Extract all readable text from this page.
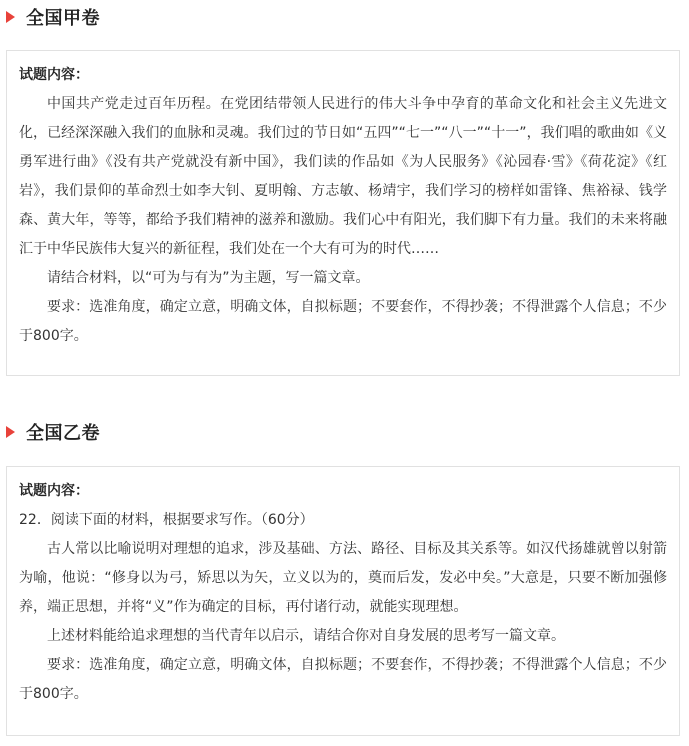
全国甲卷
试题内容：

中国共产党走过百年历程。在党团结带领人民进行的伟大斗争中孕育的革命文化和社会主义先进文化，已经深深融入我们的血脉和灵魂。我们过的节日如“五四”“七一”“八一”“十一”，我们唱的歌曲如《义勇军进行曲》《没有共产党就没有新中国》，我们读的作品如《为人民服务》《沁园春·雪》《荷花淀》《红岩》，我们景仰的革命烈士如李大钊、夏明翰、方志敏、杨靖宇，我们学习的榜样如雷锋、焦裕禄、钱学森、黄大年，等等，都给予我们精神的滋养和激励。我们心中有阳光，我们脚下有力量。我们的未来将融汇于中华民族伟大复兴的新征程，我们处在一个大有可为的时代……

请结合材料，以“可为与有为”为主题，写一篇文章。

要求：选准角度，确定立意，明确文体，自拟标题；不要套作，不得抄袭；不得泄露个人信息；不少于800字。

全国乙卷
试题内容：

22．阅读下面的材料，根据要求写作。（60分）

古人常以比喻说明对理想的追求，涉及基础、方法、路径、目标及其关系等。如汉代扬雄就曾以射箭为喻，他说：“修身以为弓，矫思以为矢，立义以为的，奠而后发，发必中矣。”大意是，只要不断加强修养，端正思想，并将“义”作为确定的目标，再付诸行动，就能实现理想。

上述材料能给追求理想的当代青年以启示，请结合你对自身发展的思考写一篇文章。

要求：选准角度，确定立意，明确文体，自拟标题；不要套作，不得抄袭；不得泄露个人信息；不少于800字。
